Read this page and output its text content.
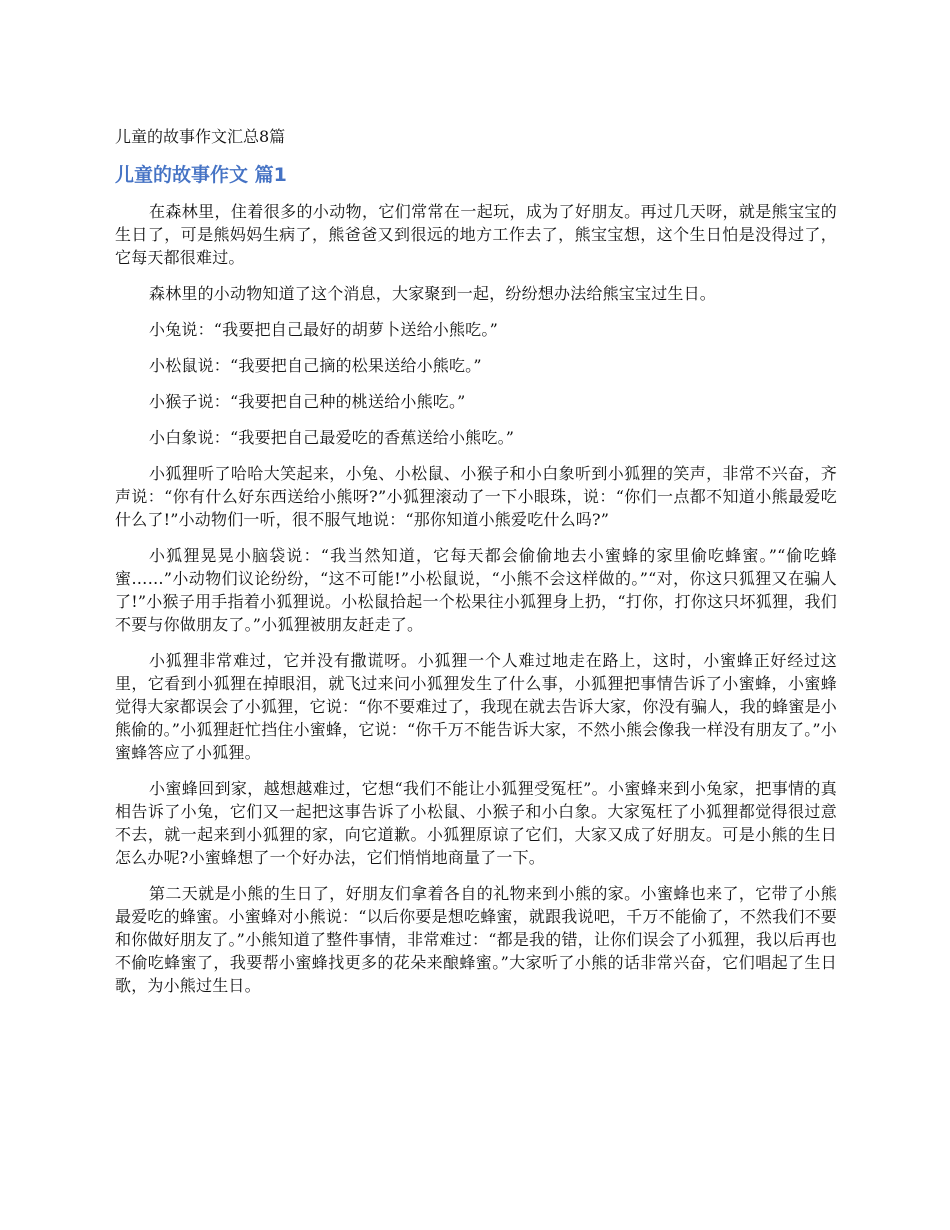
儿童的故事作文汇总8篇
儿童的故事作文 篇1

在森林里，住着很多的小动物，它们常常在一起玩，成为了好朋友。再过几天呀，就是熊宝宝的生日了，可是熊妈妈生病了，熊爸爸又到很远的地方工作去了，熊宝宝想，这个生日怕是没得过了，它每天都很难过。

森林里的小动物知道了这个消息，大家聚到一起，纷纷想办法给熊宝宝过生日。

小兔说：“我要把自己最好的胡萝卜送给小熊吃。”

小松鼠说：“我要把自己摘的松果送给小熊吃。”

小猴子说：“我要把自己种的桃送给小熊吃。”

小白象说：“我要把自己最爱吃的香蕉送给小熊吃。”

小狐狸听了哈哈大笑起来，小兔、小松鼠、小猴子和小白象听到小狐狸的笑声，非常不兴奋，齐声说：“你有什么好东西送给小熊呀?”小狐狸滚动了一下小眼珠，说：“你们一点都不知道小熊最爱吃什么了!”小动物们一听，很不服气地说：“那你知道小熊爱吃什么吗?”

小狐狸晃晃小脑袋说：“我当然知道，它每天都会偷偷地去小蜜蜂的家里偷吃蜂蜜。”“偷吃蜂蜜……”小动物们议论纷纷，“这不可能!”小松鼠说，“小熊不会这样做的。”“对，你这只狐狸又在骗人了!”小猴子用手指着小狐狸说。小松鼠拾起一个松果往小狐狸身上扔，“打你，打你这只坏狐狸，我们不要与你做朋友了。”小狐狸被朋友赶走了。

小狐狸非常难过，它并没有撒谎呀。小狐狸一个人难过地走在路上，这时，小蜜蜂正好经过这里，它看到小狐狸在掉眼泪，就飞过来问小狐狸发生了什么事，小狐狸把事情告诉了小蜜蜂，小蜜蜂觉得大家都误会了小狐狸，它说：“你不要难过了，我现在就去告诉大家，你没有骗人，我的蜂蜜是小熊偷的。”小狐狸赶忙挡住小蜜蜂，它说：“你千万不能告诉大家，不然小熊会像我一样没有朋友了。”小蜜蜂答应了小狐狸。

小蜜蜂回到家，越想越难过，它想“我们不能让小狐狸受冤枉”。小蜜蜂来到小兔家，把事情的真相告诉了小兔，它们又一起把这事告诉了小松鼠、小猴子和小白象。大家冤枉了小狐狸都觉得很过意不去，就一起来到小狐狸的家，向它道歉。小狐狸原谅了它们，大家又成了好朋友。可是小熊的生日怎么办呢?小蜜蜂想了一个好办法，它们悄悄地商量了一下。

第二天就是小熊的生日了，好朋友们拿着各自的礼物来到小熊的家。小蜜蜂也来了，它带了小熊最爱吃的蜂蜜。小蜜蜂对小熊说：“以后你要是想吃蜂蜜，就跟我说吧，千万不能偷了，不然我们不要和你做好朋友了。”小熊知道了整件事情，非常难过：“都是我的错，让你们误会了小狐狸，我以后再也不偷吃蜂蜜了，我要帮小蜜蜂找更多的花朵来酿蜂蜜。”大家听了小熊的话非常兴奋，它们唱起了生日歌，为小熊过生日。
